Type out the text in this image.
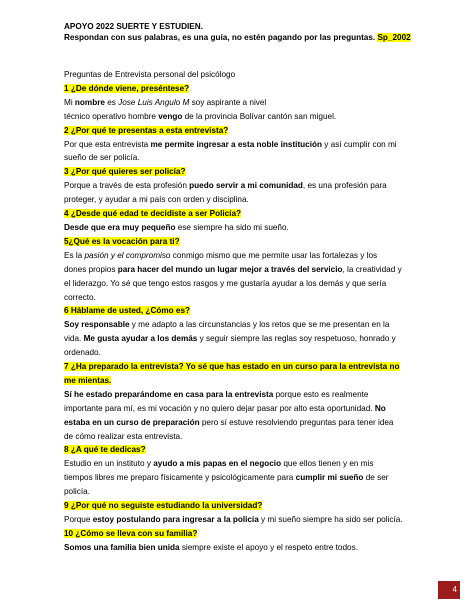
APOYO 2022 SUERTE Y ESTUDIEN.
Respondan con sus palabras, es una guía, no estén pagando por las preguntas. Sp_2002

Preguntas de Entrevista personal del psicólogo

1 ¿De dónde viene, preséntese?

Mi nombre es Jose Luis Angulo M soy aspirante a nivel

técnico operativo hombre vengo de la provincia Bolívar cantón san miguel.

2 ¿Por qué te presentas a esta entrevista?

Por que esta entrevista me permite ingresar a esta noble institución y así cumplir con mi

sueño de ser policía.

3 ¿Por qué quieres ser policía?

Porque a través de esta profesión puedo servir a mi comunidad, es una profesión para

proteger, y ayudar a mi país con orden y disciplina.

4 ¿Desde qué edad te decidiste a ser Policía?

Desde que era muy pequeño ese siempre ha sido mi sueño.

5¿Qué es la vocación para ti?

Es la pasión y el compromiso conmigo mismo que me permite usar las fortalezas y los

dones propios para hacer del mundo un lugar mejor a través del servicio, la creatividad y

el liderazgo. Yo sé que tengo estos rasgos y me gustaría ayudar a los demás y que sería

correcto.

6 Háblame de usted, ¿Cómo es?

Soy responsable y me adapto a las circunstancias y los retos que se me presentan en la

vida. Me gusta ayudar a los demás y seguir siempre las reglas soy respetuoso, honrado y

ordenado.

7 ¿Ha preparado la entrevista? Yo sé que has estado en un curso para la entrevista no

me mientas.

Sí he estado preparándome en casa para la entrevista porque esto es realmente

importante para mí, es mi vocación y no quiero dejar pasar por alto esta oportunidad. No

estaba en un curso de preparación pero sí estuve resolviendo preguntas para tener idea

de cómo realizar esta entrevista.

8 ¿A qué te dedicas?

Estudio en un instituto y ayudo a mis papas en el negocio que ellos tienen y en mis

tiempos libres me preparo físicamente y psicológicamente para cumplir mi sueño de ser

policía.

9 ¿Por qué no seguiste estudiando la universidad?

Porque estoy postulando para ingresar a la policía y mi sueño siempre ha sido ser policía.

10 ¿Cómo se lleva con su familia?

Somos una familia bien unida siempre existe el apoyo y el respeto entre todos.

4
